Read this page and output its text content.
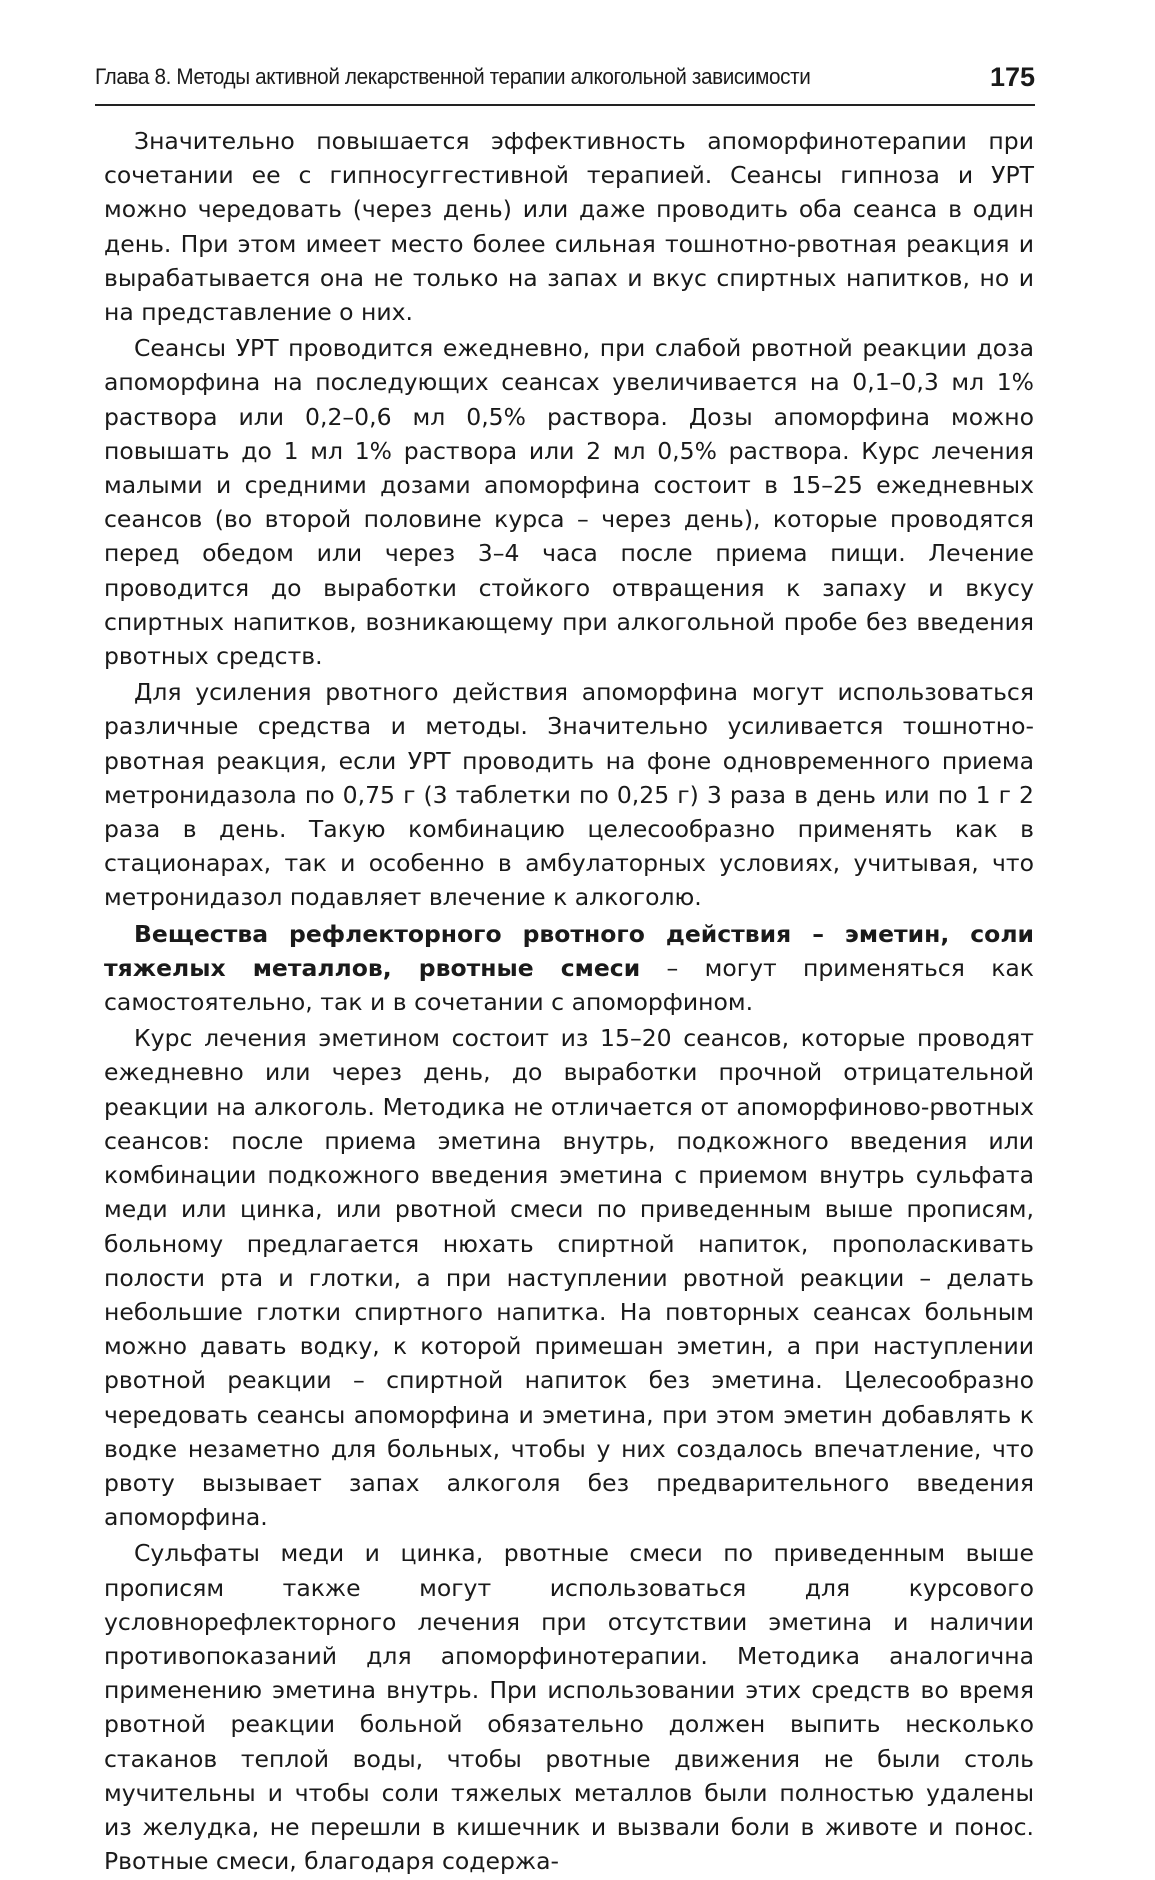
Глава 8. Методы активной лекарственной терапии алкогольной зависимости	175

Значительно повышается эффективность апоморфинотерапии при сочетании ее с гипносуггестивной терапией. Сеансы гипноза и УРТ можно чередовать (через день) или даже проводить оба сеанса в один день. При этом имеет место более сильная тошнотно-рвотная реакция и вырабатывается она не только на запах и вкус спиртных напитков, но и на представление о них.

Сеансы УРТ проводится ежедневно, при слабой рвотной реакции доза апоморфина на последующих сеансах увеличивается на 0,1–0,3 мл 1% раствора или 0,2–0,6 мл 0,5% раствора. Дозы апоморфина можно повышать до 1 мл 1% раствора или 2 мл 0,5% раствора. Курс лечения малыми и средними дозами апоморфина состоит в 15–25 ежедневных сеансов (во второй половине курса – через день), которые проводятся перед обедом или через 3–4 часа после приема пищи. Лечение проводится до выработки стойкого отвращения к запаху и вкусу спиртных напитков, возникающему при алкогольной пробе без введения рвотных средств.

Для усиления рвотного действия апоморфина могут использоваться различные средства и методы. Значительно усиливается тошнотно-рвотная реакция, если УРТ проводить на фоне одновременного приема метронидазола по 0,75 г (3 таблетки по 0,25 г) 3 раза в день или по 1 г 2 раза в день. Такую комбинацию целесообразно применять как в стационарах, так и особенно в амбулаторных условиях, учитывая, что метронидазол подавляет влечение к алкоголю.

Вещества рефлекторного рвотного действия – эметин, соли тяжелых металлов, рвотные смеси – могут применяться как самостоятельно, так и в сочетании с апоморфином.

Курс лечения эметином состоит из 15–20 сеансов, которые проводят ежедневно или через день, до выработки прочной отрицательной реакции на алкоголь. Методика не отличается от апоморфиново-рвотных сеансов: после приема эметина внутрь, подкожного введения или комбинации подкожного введения эметина с приемом внутрь сульфата меди или цинка, или рвотной смеси по приведенным выше прописям, больному предлагается нюхать спиртной напиток, прополаскивать полости рта и глотки, а при наступлении рвотной реакции – делать небольшие глотки спиртного напитка. На повторных сеансах больным можно давать водку, к которой примешан эметин, а при наступлении рвотной реакции – спиртной напиток без эметина. Целесообразно чередовать сеансы апоморфина и эметина, при этом эметин добавлять к водке незаметно для больных, чтобы у них создалось впечатление, что рвоту вызывает запах алкоголя без предварительного введения апоморфина.

Сульфаты меди и цинка, рвотные смеси по приведенным выше прописям также могут использоваться для курсового условнорефлекторного лечения при отсутствии эметина и наличии противопоказаний для апоморфинотерапии. Методика аналогична применению эметина внутрь. При использовании этих средств во время рвотной реакции больной обязательно должен выпить несколько стаканов теплой воды, чтобы рвотные движения не были столь мучительны и чтобы соли тяжелых металлов были полностью удалены из желудка, не перешли в кишечник и вызвали боли в животе и понос. Рвотные смеси, благодаря содержа-
